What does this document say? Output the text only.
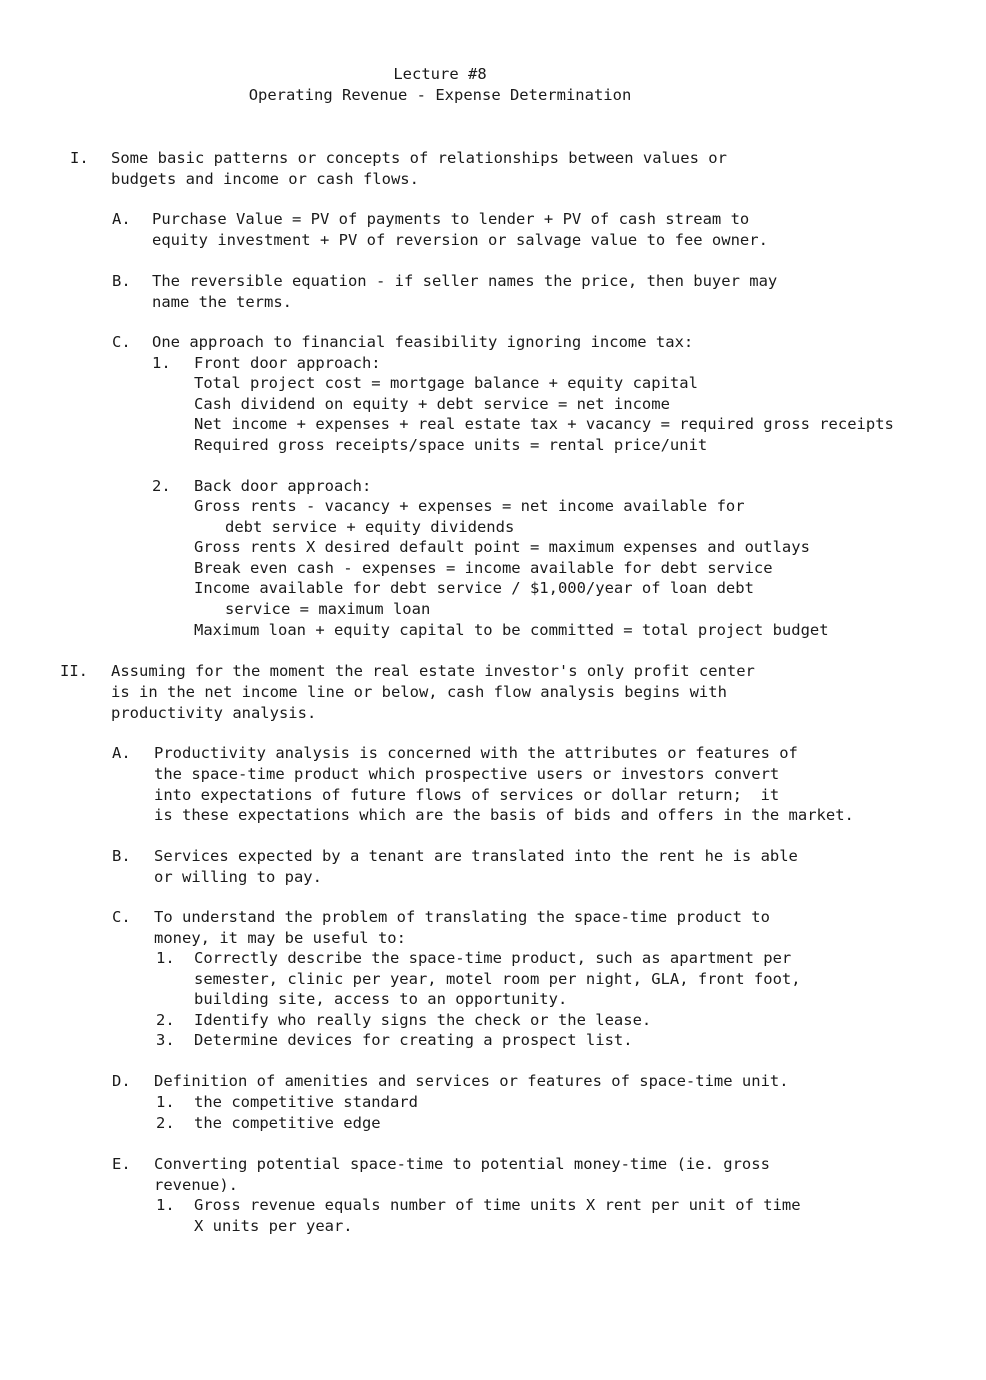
Lecture #8
Operating Revenue - Expense Determination
I. Some basic patterns or concepts of relationships between values or
budgets and income or cash flows.
A. Purchase Value = PV of payments to lender + PV of cash stream to
equity investment + PV of reversion or salvage value to fee owner.
B. The reversible equation - if seller names the price, then buyer may
name the terms.
C. One approach to financial feasibility ignoring income tax:
1. Front door approach:
Total project cost = mortgage balance + equity capital
Cash dividend on equity + debt service = net income
Net income + expenses + real estate tax + vacancy = required gross receipts
Required gross receipts/space units = rental price/unit
2. Back door approach:
Gross rents - vacancy + expenses = net income available for
debt service + equity dividends
Gross rents X desired default point = maximum expenses and outlays
Break even cash - expenses = income available for debt service
Income available for debt service / $1,000/year of loan debt
service = maximum loan
Maximum loan + equity capital to be committed = total project budget
II. Assuming for the moment the real estate investor's only profit center
is in the net income line or below, cash flow analysis begins with
productivity analysis.
A. Productivity analysis is concerned with the attributes or features of
the space-time product which prospective users or investors convert
into expectations of future flows of services or dollar return;  it
is these expectations which are the basis of bids and offers in the market.
B. Services expected by a tenant are translated into the rent he is able
or willing to pay.
C. To understand the problem of translating the space-time product to
money, it may be useful to:
1. Correctly describe the space-time product, such as apartment per
semester, clinic per year, motel room per night, GLA, front foot,
building site, access to an opportunity.
2. Identify who really signs the check or the lease.
3. Determine devices for creating a prospect list.
D. Definition of amenities and services or features of space-time unit.
1. the competitive standard
2. the competitive edge
E. Converting potential space-time to potential money-time (ie. gross
revenue).
1. Gross revenue equals number of time units X rent per unit of time
X units per year.
